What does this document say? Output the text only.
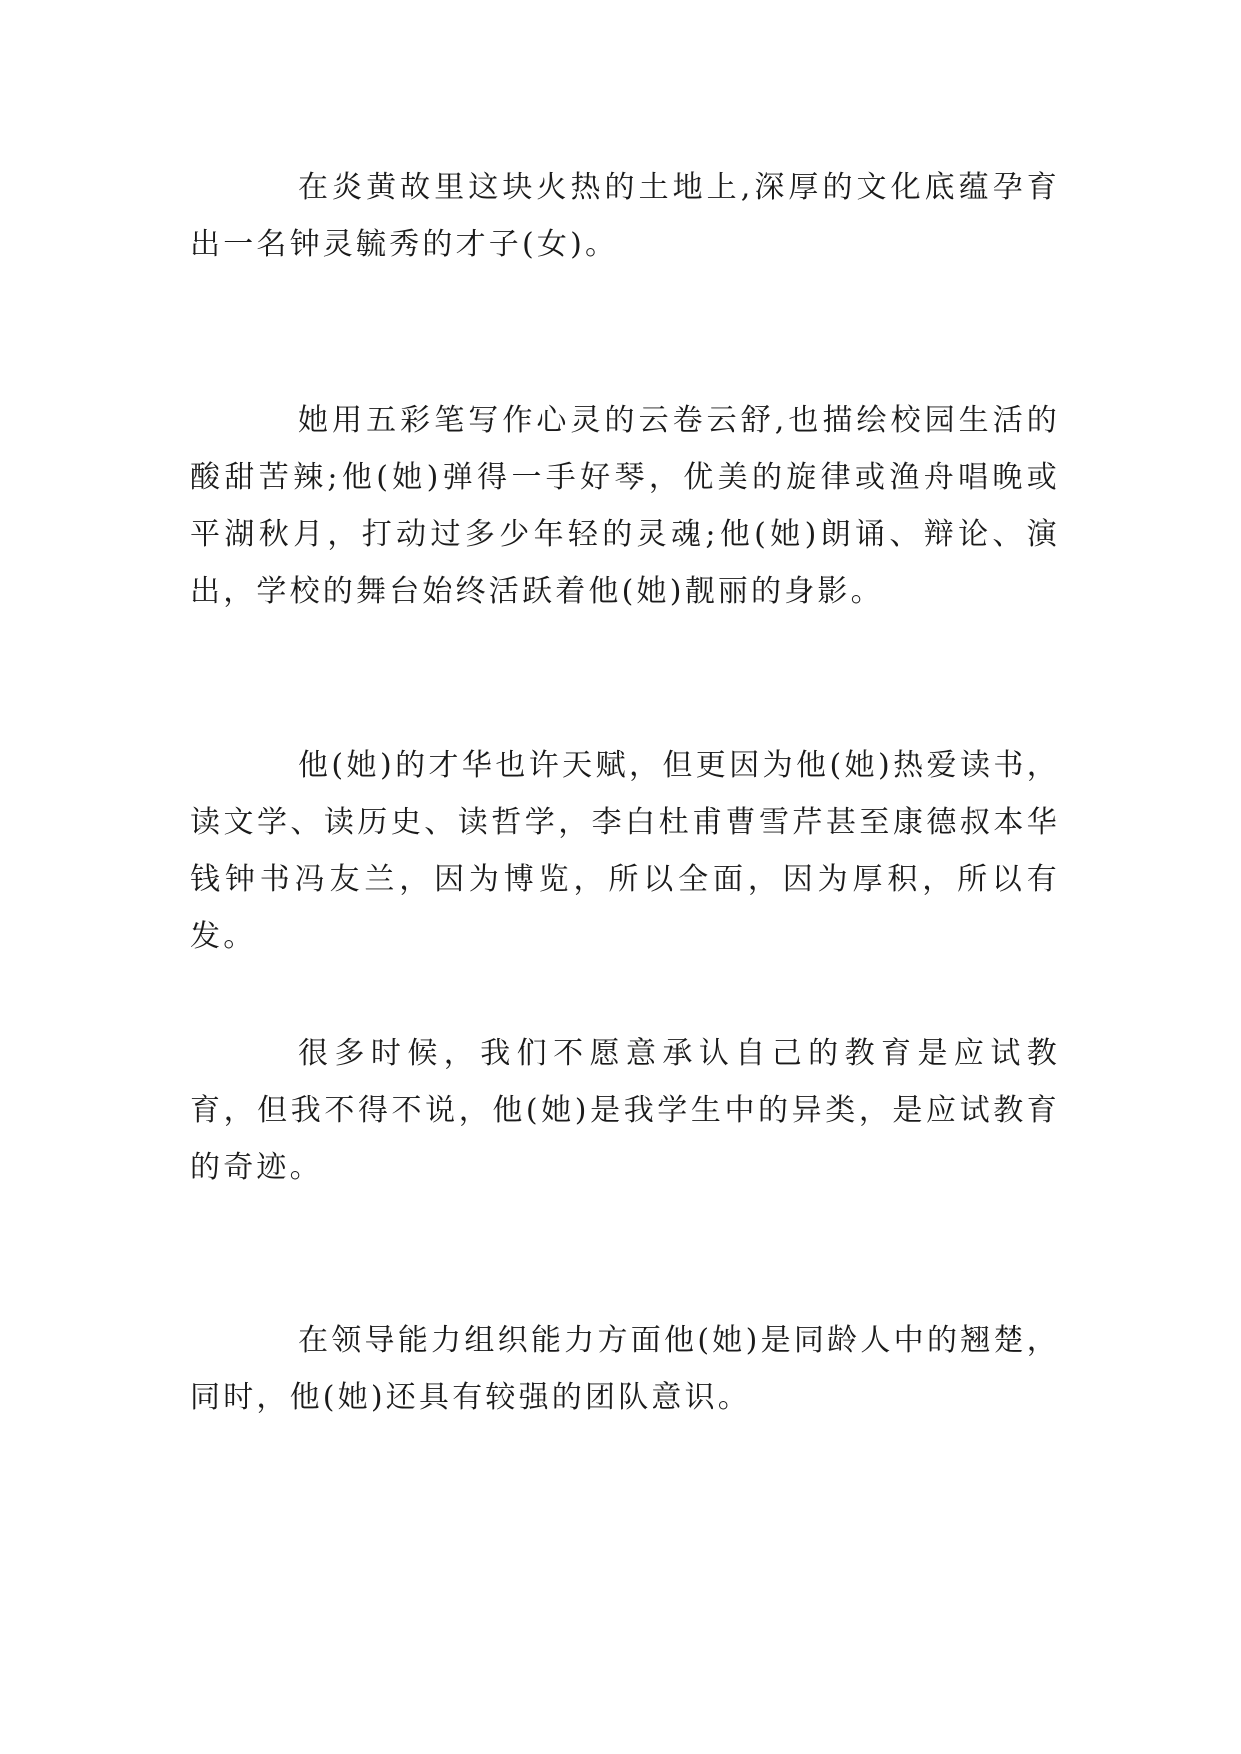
在炎黄故里这块火热的土地上,深厚的文化底蕴孕育出一名钟灵毓秀的才子(女)。

她用五彩笔写作心灵的云卷云舒,也描绘校园生活的酸甜苦辣;他(她)弹得一手好琴，优美的旋律或渔舟唱晚或平湖秋月，打动过多少年轻的灵魂;他(她)朗诵、辩论、演出，学校的舞台始终活跃着他(她)靓丽的身影。

他(她)的才华也许天赋，但更因为他(她)热爱读书，读文学、读历史、读哲学，李白杜甫曹雪芹甚至康德叔本华钱钟书冯友兰，因为博览，所以全面，因为厚积，所以有发。

很多时候，我们不愿意承认自己的教育是应试教育，但我不得不说，他(她)是我学生中的异类，是应试教育的奇迹。

在领导能力组织能力方面他(她)是同龄人中的翘楚，同时，他(她)还具有较强的团队意识。
